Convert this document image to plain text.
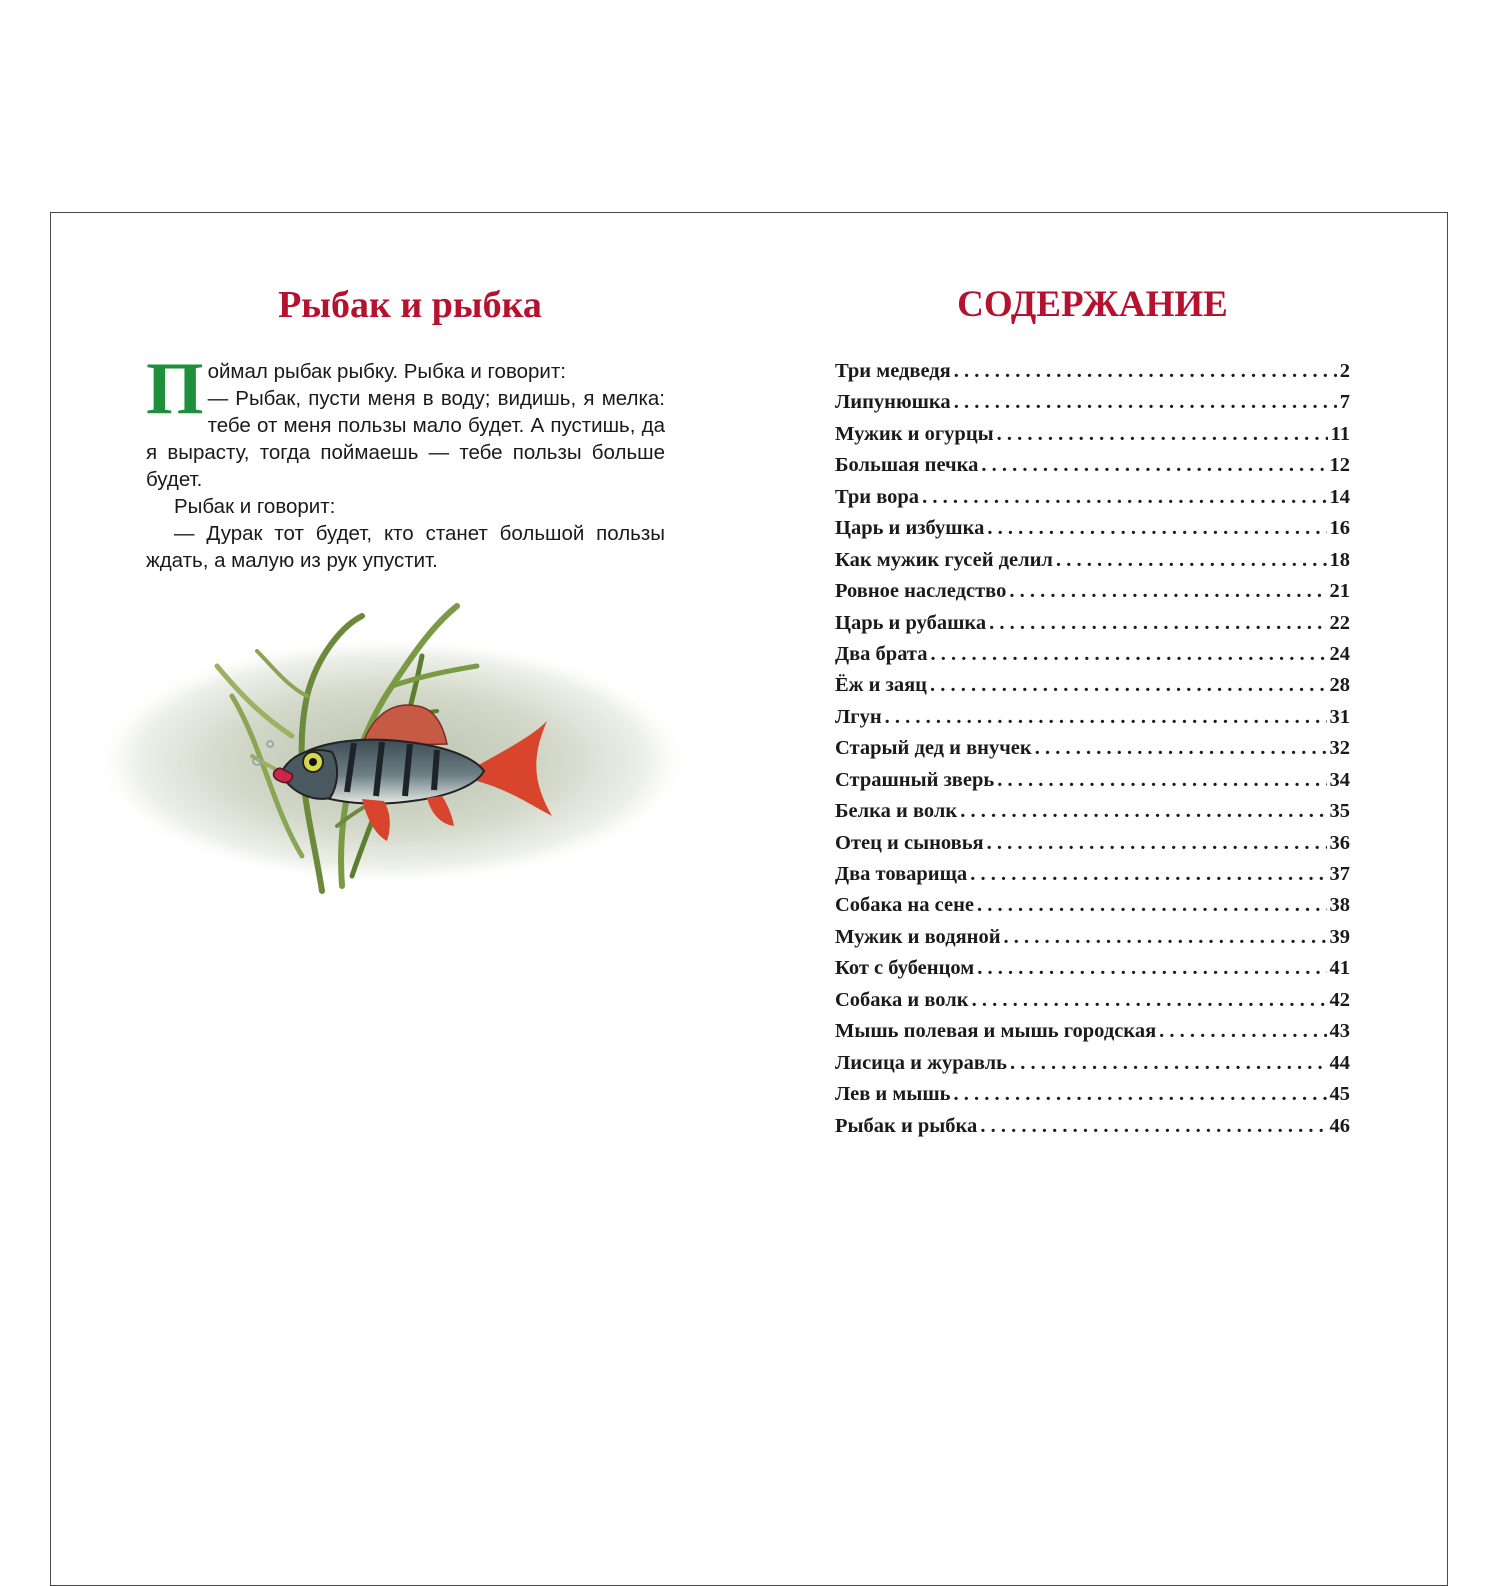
Рыбак и рыбка

Поймал рыбак рыбку. Рыбка и говорит:

— Рыбак, пусти меня в воду; видишь, я мелка: тебе от меня пользы мало будет. А пустишь, да я вырасту, тогда поймаешь — тебе пользы больше будет.

Рыбак и говорит:

— Дурак тот будет, кто станет большой пользы ждать, а малую из рук упустит.

СОДЕРЖАНИЕ
Три медведя . . .	2
Липунюшка . . .	7
Мужик и огурцы . . .	11
Большая печка . . .	12
Три вора . . .	14
Царь и избушка . . .	16
Как мужик гусей делил . . .	18
Ровное наследство . . .	21
Царь и рубашка . . .	22
Два брата . . .	24
Ёж и заяц . . .	28
Лгун . . .	31
Старый дед и внучек . . .	32
Страшный зверь . . .	34
Белка и волк . . .	35
Отец и сыновья . . .	36
Два товарища . . .	37
Собака на сене . . .	38
Мужик и водяной . . .	39
Кот с бубенцом . . .	41
Собака и волк . . .	42
Мышь полевая и мышь городская . . .	43
Лисица и журавль . . .	44
Лев и мышь . . .	45
Рыбак и рыбка . . .	46
